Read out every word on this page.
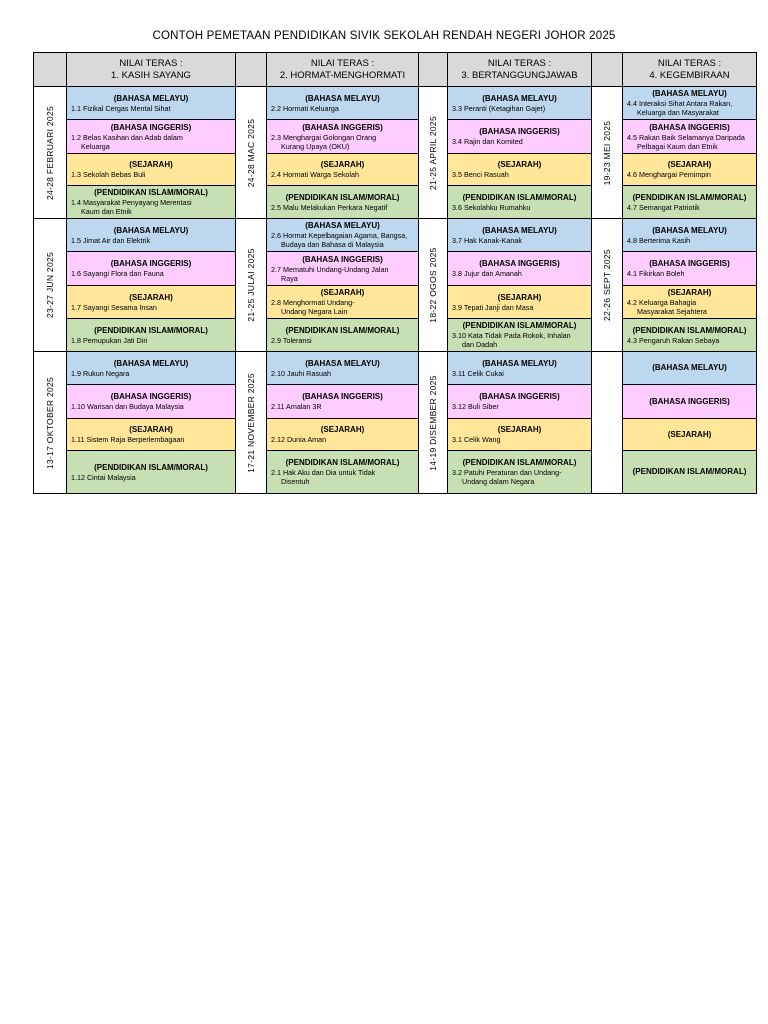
CONTOH PEMETAAN PENDIDIKAN SIVIK SEKOLAH RENDAH NEGERI JOHOR 2025
NILAI TERAS :
1. KASIH SAYANG
NILAI TERAS :
2. HORMAT-MENGHORMATI
NILAI TERAS :
3. BERTANGGUNGJAWAB
NILAI TERAS :
4. KEGEMBIRAAN
24-28 FEBRUARI 2025
(BAHASA MELAYU)
1.1 Fizikal Cergas Mental Sihat
(BAHASA INGGERIS)
1.2 Belas Kasihan dan Adab dalam
Keluarga
(SEJARAH)
1.3 Sekolah Bebas Buli
(PENDIDIKAN ISLAM/MORAL)
1.4 Masyarakat Penyayang Merentasi
Kaum dan Etnik
24-28 MAC 2025
(BAHASA MELAYU)
2.2 Hormati Keluarga
(BAHASA INGGERIS)
2.3 Menghargai Golongan Orang
Kurang Upaya (OKU)
(SEJARAH)
2.4 Hormati Warga Sekolah
(PENDIDIKAN ISLAM/MORAL)
2.5 Malu Melakukan Perkara Negatif
21-25 APRIL 2025
(BAHASA MELAYU)
3.3 Peranti (Ketagihan Gajet)
(BAHASA INGGERIS)
3.4 Rajin dan Komited
(SEJARAH)
3.5 Benci Rasuah
(PENDIDIKAN ISLAM/MORAL)
3.6 Sekolahku Rumahku
19-23 MEI 2025
(BAHASA MELAYU)
4.4 Interaksi Sihat Antara Rakan,
Keluarga dan Masyarakat
(BAHASA INGGERIS)
4.5 Rakan Baik Selamanya Daripada
Pelbagai Kaum dan Etnik
(SEJARAH)
4.6 Menghargai Pemimpin
(PENDIDIKAN ISLAM/MORAL)
4.7 Semangat Patriotik
23-27 JUN 2025
(BAHASA MELAYU)
1.5 Jimat Air dan Elektrik
(BAHASA INGGERIS)
1.6 Sayangi Flora dan Fauna
(SEJARAH)
1.7 Sayangi Sesama Insan
(PENDIDIKAN ISLAM/MORAL)
1.8 Pemupukan Jati Diri
21-25 JULAI 2025
(BAHASA MELAYU)
2.6 Hormat Kepelbagaian Agama, Bangsa,
Budaya dan Bahasa di Malaysia
(BAHASA INGGERIS)
2.7 Mematuhi Undang-Undang Jalan
Raya
(SEJARAH)
2.8 Menghormati Undang-
Undang Negara Lain
(PENDIDIKAN ISLAM/MORAL)
2.9 Toleransi
18-22 OGOS 2025
(BAHASA MELAYU)
3.7 Hak Kanak-Kanak
(BAHASA INGGERIS)
3.8 Jujur dan Amanah
(SEJARAH)
3.9 Tepati Janji dan Masa
(PENDIDIKAN ISLAM/MORAL)
3.10 Kata Tidak Pada Rokok, Inhalan
dan Dadah
22-26 SEPT 2025
(BAHASA MELAYU)
4.8 Berterima Kasih
(BAHASA INGGERIS)
4.1 Fikirkan Boleh
(SEJARAH)
4.2 Keluarga Bahagia
Masyarakat Sejahtera
(PENDIDIKAN ISLAM/MORAL)
4.3 Pengaruh Rakan Sebaya
13-17 OKTOBER 2025
(BAHASA MELAYU)
1.9 Rukun Negara
(BAHASA INGGERIS)
1.10 Warisan dan Budaya Malaysia
(SEJARAH)
1.11 Sistem Raja Berperlembagaan
(PENDIDIKAN ISLAM/MORAL)
1.12 Cintai Malaysia
17-21 NOVEMBER 2025
(BAHASA MELAYU)
2.10 Jauhi Rasuah
(BAHASA INGGERIS)
2.11 Amalan 3R
(SEJARAH)
2.12 Dunia Aman
(PENDIDIKAN ISLAM/MORAL)
2.1 Hak Aku dan Dia untuk Tidak
Disentuh
14-19 DISEMBER 2025
(BAHASA MELAYU)
3.11 Celik Cukai
(BAHASA INGGERIS)
3.12 Buli Siber
(SEJARAH)
3.1 Celik Wang
(PENDIDIKAN ISLAM/MORAL)
3.2 Patuhi Peraturan dan Undang-
Undang dalam Negara
(BAHASA MELAYU)
(BAHASA INGGERIS)
(SEJARAH)
(PENDIDIKAN ISLAM/MORAL)
